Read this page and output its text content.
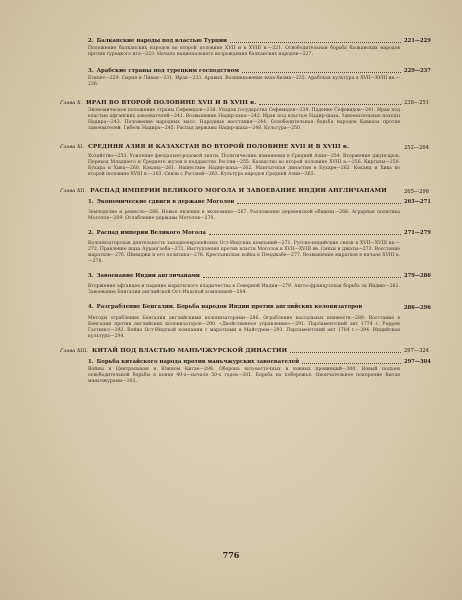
2. Балканские народы под властью Турции	221—229
Положение балканских народов во второй половине XVII и в XVIII в.—221. Освободительная борьба балканских народов против турецкого ига—223. Начало национального возрождения балканских народов—227.
3. Арабские страны под турецким господством	229—237
Египет—229. Сирия и Ливан—231. Ирак—233. Аравия. Возникновение ваха-бизма—235. Арабская культура в XVII—XVIII вв.—236.
Глава X. ИРАН ВО ВТОРОЙ ПОЛОВИНЕ XVII И В XVIII в.	238—251
Экономическое положение страны Сефевидов—238. Упадок государства Сефевидов—239. Падение Сефевидов—241. Иран под властью афганских завоевателей—241. Возвышение Надир-хана—242. Иран под властью Надир-шаха. Завоевательные походы Надира—243. Положение народных масс. Народные восстания—244. Освободительная борьба народов Кавказа против завоевателей. Гибель Надира—245. Распад державы Надир-шаха—248. Культура—250.
Глава XI. СРЕДНЯЯ АЗИЯ И КАЗАХСТАН ВО ВТОРОЙ ПОЛОВИНЕ XVII И В XVIII в.	252—264
Хозяйство—253. Усиление феодально-родовой знати. Политические изменения в Средней Азии—254. Вторжение джунгаров. Переход Младшего и Среднего жузов в подданство России—255. Казахство во второй половине XVIII в.—256. Киргизы—259. Бухара и Хива—260. Коканд—261. Нашествие Надир-шаха—262. Мангытская династия в Бухаре—262. Коканд и Хива во второй половине XVIII в.—263. Связи с Россией—263. Культура народов Средней Азии—263.
Глава XII. РАСПАД ИМПЕРИИ ВЕЛИКОГО МОГОЛА И ЗАВОЕВАНИЕ ИНДИИ АНГЛИЧАНАМИ	265—296
1. Экономические сдвиги в державе Моголов	265—271
Земледелие и ремесло—266. Новые явления в экономике—267. Разложение деревенской общины—268. Аграрная политика Моголов—269. Ослабление державы Моголов—270.
2. Распад империи Великого Могола	271—279
Колонизаторская деятельность западноевропейских Ост-Индских компаний—271. Русско-индийские связи в XVII—XVIII вв.—272. Правление шаха Аурангзеба—272. Выступления против власти Моголов в XVII—XVIII вв. Сикхи и джаты—273. Восстание маратхов—276. Шиваджи и его политика—276. Крестьянская война в Пенджабе—277. Возвышение маратхов в начале XVIII в.—278.
3. Завоевание Индии англичанами	279—286
Вторжение афганцев и падение маратхского владычества в Северной Индии—279. Англо-французская борьба за Индию—282. Завоевание Бенгалии английской Ост-Индской компанией—284.
4. Разграбление Бенгалии. Борьба народов Индии против английских колонизаторов	286—296
Методы ограбления Бенгалии английскими колонизаторами—286. Ограбление вассальных княжеств—289. Восстание в Бенгалии против английских колонизаторов—290. «Двойственное управление»—291. Парламентский акт 1774 г. Уоррен Гастингс—292. Война Ост-Индской компании с маратхами и Майсуром—293. Парламентский акт 1784 г.—294. Индийская культура—294.
Глава XIII. КИТАЙ ПОД ВЛАСТЬЮ МАНЬЧЖУРСКОЙ ДИНАСТИИ	297—324
1. Борьба китайского народа против маньчжурских завоевателей	297—304
Войны в Центральном и Южном Китае—298. Оборона юго-восточных и южных провинций—300. Новый подъем освободительной борьбы в конце 40-х—начале 50-х годов—301. Борьба на побережье. Окончательное покорение Китая маньчжурами—303.
776
